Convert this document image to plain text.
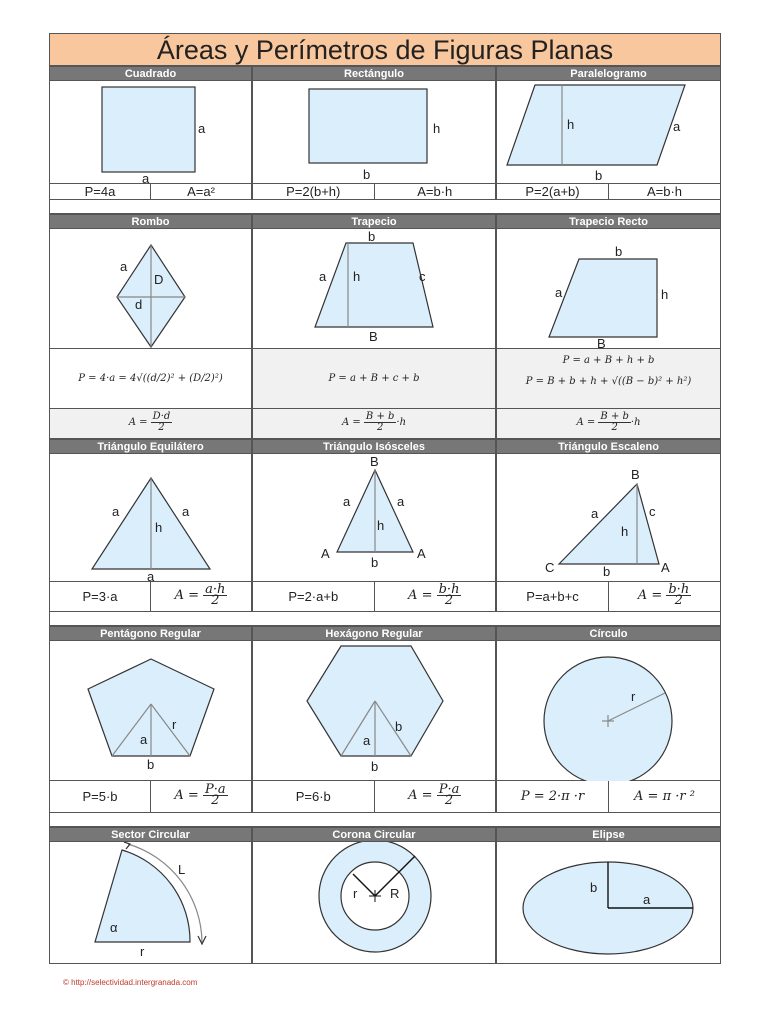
Áreas y Perímetros de Figuras Planas
Cuadrado	Rectángulo	Paralelogramo
a
a
h
b
h	a
b
P=4a	A=a²	P=2(b+h)	A=b·h	P=2(a+b)	A=b·h
Rombo	Trapecio	Trapecio Recto
a
D
d
b
a h	c
B
b
a	h
B
P = 4·a = 4√((d/2)² + (D/2)²)	P = a + B + c + b
P = a + B + h + b
P = B + b + h + √((B − b)² + h²)
$A = \frac{D\cdot d}{2}$	$A = \frac{B + b}{2} \cdot h$	$A = \frac{B + b}{2} \cdot h$
Triángulo Equilátero	Triángulo Isósceles	Triángulo Escaleno
a	a
h
a
B
a	a
h
A	A
b
B
a	c
h
C	b	A
P=3·a	$A = \frac{a\cdot h}{2}$	P=2·a+b	$A = \frac{b\cdot h}{2}$	P=a+b+c	$A = \frac{b\cdot h}{2}$
Pentágono Regular	Hexágono Regular	Círculo
r
a
b
b
a
b
r
P=5·b	$A = \frac{P\cdot a}{2}$	P=6·b	$A = \frac{P\cdot a}{2}$	P = 2·π ·r	A = π ·r ²
Sector Circular	Corona Circular	Elipse
L
α
r
r	R	b
a
© http://selectividad.intergranada.com
